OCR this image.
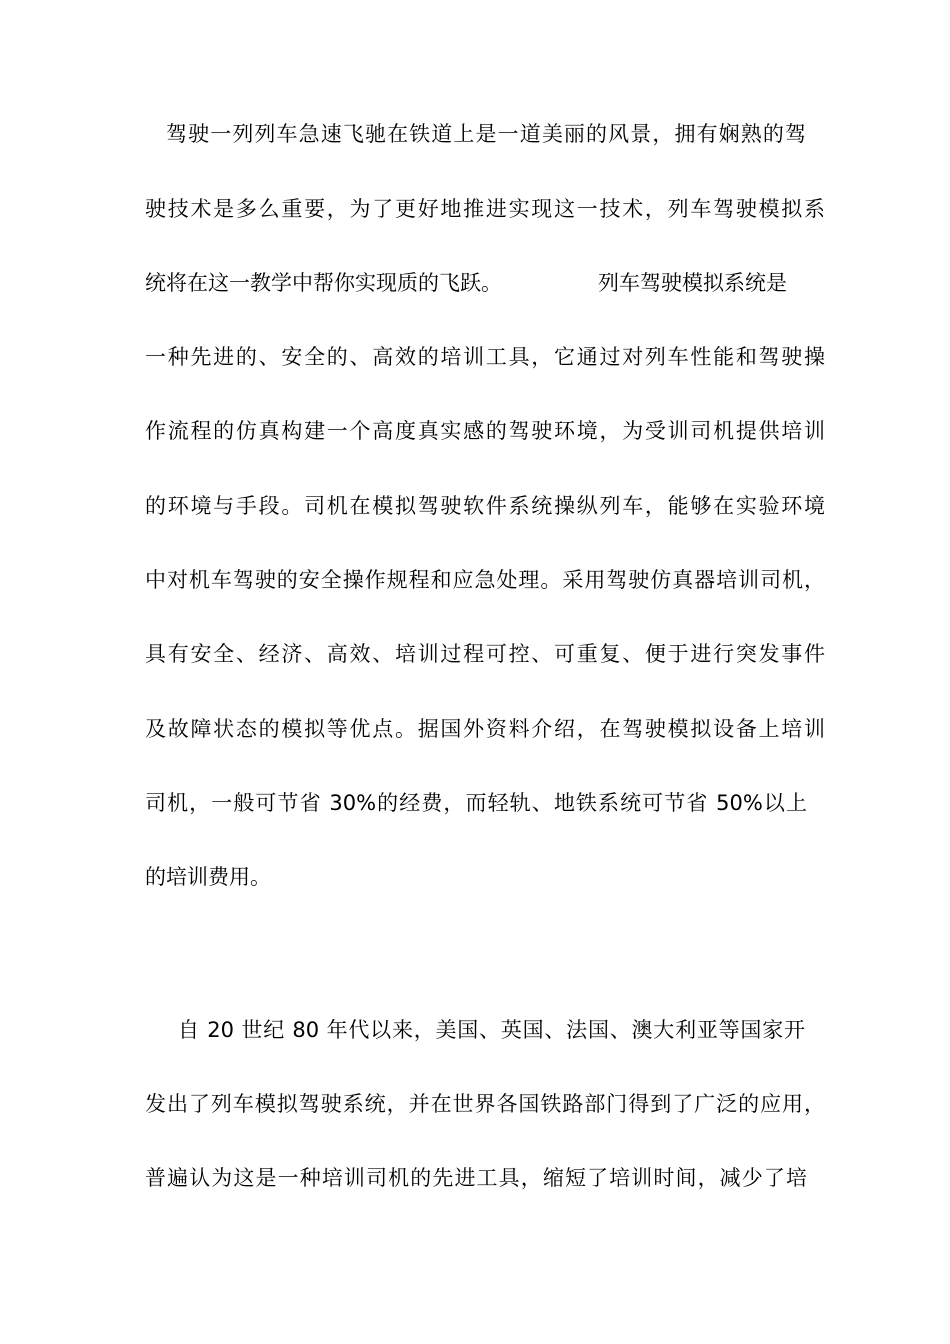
驾驶一列列车急速飞驰在铁道上是一道美丽的风景，拥有娴熟的驾
驶技术是多么重要，为了更好地推进实现这一技术，列车驾驶模拟系
统将在这一教学中帮你实现质的飞跃。	列车驾驶模拟系统是
一种先进的、安全的、高效的培训工具，它通过对列车性能和驾驶操
作流程的仿真构建一个高度真实感的驾驶环境，为受训司机提供培训
的环境与手段。司机在模拟驾驶软件系统操纵列车，能够在实验环境
中对机车驾驶的安全操作规程和应急处理。采用驾驶仿真器培训司机，
具有安全、经济、高效、培训过程可控、可重复、便于进行突发事件
及故障状态的模拟等优点。据国外资料介绍，在驾驶模拟设备上培训
司机，一般可节省 30%的经费，而轻轨、地铁系统可节省 50%以上
的培训费用。
自 20 世纪 80 年代以来，美国、英国、法国、澳大利亚等国家开
发出了列车模拟驾驶系统，并在世界各国铁路部门得到了广泛的应用，
普遍认为这是一种培训司机的先进工具，缩短了培训时间，减少了培
